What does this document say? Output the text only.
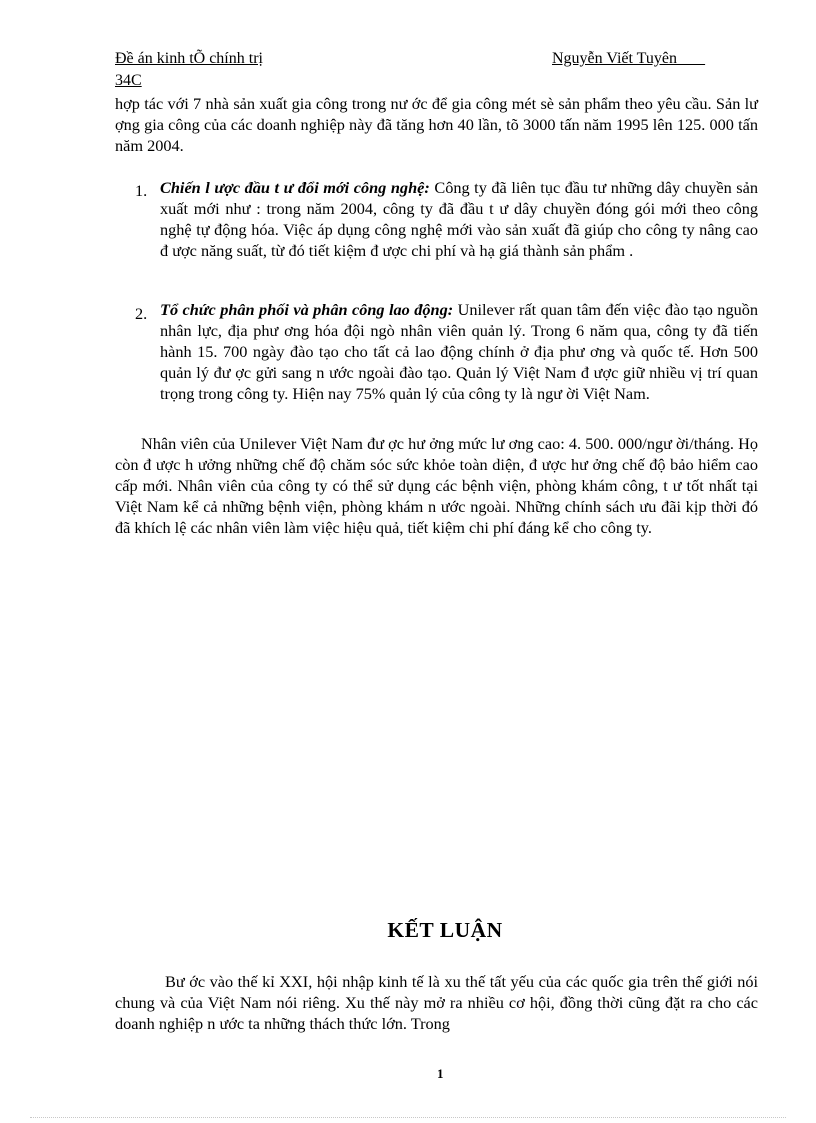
Đề án kinh tÕ chính trị	Nguyễn Viết Tuyên ___
34C
hợp tác với 7 nhà sản xuất gia công trong nư ớc để gia công mét sè sản phẩm theo yêu cầu. Sản lư ợng gia công của các doanh nghiệp này đã tăng hơn 40 lần, tõ 3000 tấn năm 1995 lên 125. 000 tấn năm 2004.
1. Chiến l ược đầu t ư đổi mới công nghệ: Công ty đã liên tục đầu tư những dây chuyền sản xuất mới như : trong năm 2004, công ty đã đầu t ư dây chuyền đóng gói mới theo công nghệ tự động hóa. Việc áp dụng công nghệ mới vào sản xuất đã giúp cho công ty nâng cao đ ược năng suất, từ đó tiết kiệm đ ược chi phí và hạ giá thành sản phẩm .
2. Tổ chức phân phối và phân công lao động: Unilever rất quan tâm đến việc đào tạo nguồn nhân lực, địa phư ơng hóa đội ngò nhân viên quản lý. Trong 6 năm qua, công ty đã tiến hành 15. 700 ngày đào tạo cho tất cả lao động chính ở địa phư ơng và quốc tế. Hơn 500 quản lý đư ợc gửi sang n ước ngoài đào tạo. Quản lý Việt Nam đ ược giữ nhiều vị trí quan trọng trong công ty. Hiện nay 75% quản lý của công ty là ngư ời Việt Nam.
Nhân viên của Unilever Việt Nam đư ợc hư ởng mức lư ơng cao: 4. 500. 000/ngư ời/tháng. Họ còn đ ược h ưởng những chế độ chăm sóc sức khỏe toàn diện, đ ược hư ởng chế độ bảo hiểm cao cấp mới. Nhân viên của công ty có thể sử dụng các bệnh viện, phòng khám công, t ư tốt nhất tại Việt Nam kể cả những bệnh viện, phòng khám n ước ngoài. Những chính sách ưu đãi kịp thời đó đã khích lệ các nhân viên làm việc hiệu quả, tiết kiệm chi phí đáng kể cho công ty.
KẾT LUẬN
Bư ớc vào thế kỉ XXI, hội nhập kinh tế là xu thế tất yếu của các quốc gia trên thế giới nói chung và của Việt Nam nói riêng. Xu thế này mở ra nhiều cơ hội, đồng thời cũng đặt ra cho các doanh nghiệp n ước ta những thách thức lớn. Trong
1
